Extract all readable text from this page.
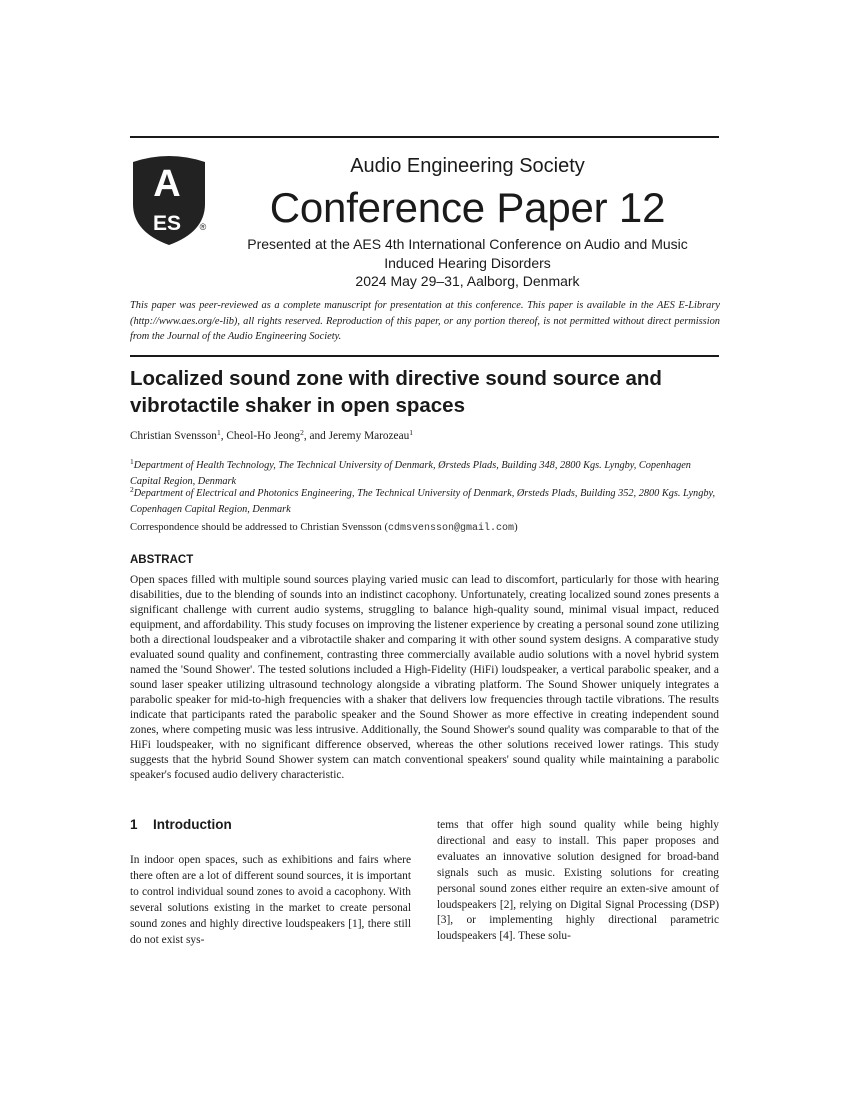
A
ES ®
Audio Engineering Society
Conference Paper 12
Presented at the AES 4th International Conference on Audio and Music
Induced Hearing Disorders
2024 May 29–31, Aalborg, Denmark
This paper was peer-reviewed as a complete manuscript for presentation at this conference. This paper is available in the AES E-Library (http://www.aes.org/e-lib), all rights reserved. Reproduction of this paper, or any portion thereof, is not permitted without direct permission from the Journal of the Audio Engineering Society.
Localized sound zone with directive sound source and vibrotactile shaker in open spaces
Christian Svensson$^1$, Cheol-Ho Jeong$^2$, and Jeremy Marozeau$^1$
$^1$Department of Health Technology, The Technical University of Denmark, Ørsteds Plads, Building 348, 2800 Kgs. Lyngby, Copenhagen Capital Region, Denmark
$^2$Department of Electrical and Photonics Engineering, The Technical University of Denmark, Ørsteds Plads, Building 352, 2800 Kgs. Lyngby, Copenhagen Capital Region, Denmark
Correspondence should be addressed to Christian Svensson (cdmsvensson@gmail.com)
ABSTRACT
Open spaces filled with multiple sound sources playing varied music can lead to discomfort, particularly for those with hearing disabilities, due to the blending of sounds into an indistinct cacophony. Unfortunately, creating localized sound zones presents a significant challenge with current audio systems, struggling to balance high-quality sound, minimal visual impact, reduced equipment, and affordability. This study focuses on improving the listener experience by creating a personal sound zone utilizing both a directional loudspeaker and a vibrotactile shaker and comparing it with other sound system designs. A comparative study evaluated sound quality and confinement, contrasting three commercially available audio solutions with a novel hybrid system named the 'Sound Shower'. The tested solutions included a High-Fidelity (HiFi) loudspeaker, a vertical parabolic speaker, and a sound laser speaker utilizing ultrasound technology alongside a vibrating platform. The Sound Shower uniquely integrates a parabolic speaker for mid-to-high frequencies with a shaker that delivers low frequencies through tactile vibrations. The results indicate that participants rated the parabolic speaker and the Sound Shower as more effective in creating independent sound zones, where competing music was less intrusive. Additionally, the Sound Shower's sound quality was comparable to that of the HiFi loudspeaker, with no significant difference observed, whereas the other solutions received lower ratings. This study suggests that the hybrid Sound Shower system can match conventional speakers' sound quality while maintaining a parabolic speaker's focused audio delivery characteristic.
1 Introduction
In indoor open spaces, such as exhibitions and fairs where there often are a lot of different sound sources, it is important to control individual sound zones to avoid a cacophony. With several solutions existing in the market to create personal sound zones and highly directive loudspeakers [1], there still do not exist sys-
tems that offer high sound quality while being highly directional and easy to install. This paper proposes and evaluates an innovative solution designed for broad-band signals such as music. Existing solutions for creating personal sound zones either require an exten-sive amount of loudspeakers [2], relying on Digital Signal Processing (DSP) [3], or implementing highly directional parametric loudspeakers [4]. These solu-
